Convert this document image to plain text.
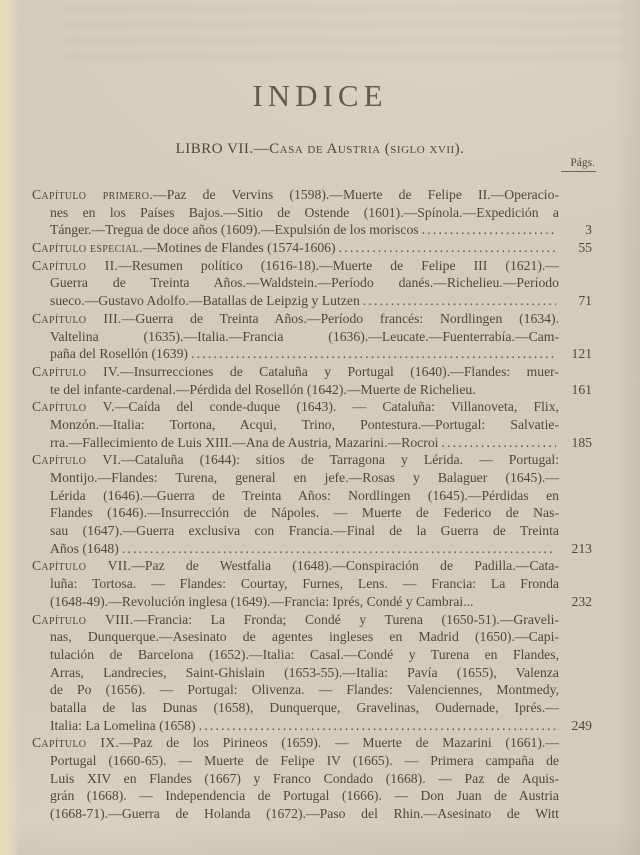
INDICE
LIBRO VII.—Casa de Austria (siglo xvii).
Págs.
Capítulo primero.—Paz de Vervins (1598).—Muerte de Felipe II.—Operacio-
nes en los Países Bajos.—Sitio de Ostende (1601).—Spínola.—Expedición a
Tánger.—Tregua de doce años (1609).—Expulsión de los moriscos .....	3
Capítulo especial.—Motines de Flandes (1574-1606) .....	55
Capítulo II.—Resumen político (1616-18).—Muerte de Felipe III (1621).—
Guerra de Treinta Años.—Waldstein.—Período danés.—Richelieu.—Período
sueco.—Gustavo Adolfo.—Batallas de Leipzig y Lutzen .....	71
Capítulo III.—Guerra de Treinta Años.—Período francés: Nordlingen (1634).
Valtelina (1635).—Italia.—Francia (1636).—Leucate.—Fuenterrabía.—Cam-
paña del Rosellón (1639) .....	121
Capítulo IV.—Insurrecciones de Cataluña y Portugal (1640).—Flandes: muer-
te del infante-cardenal.—Pérdida del Rosellón (1642).—Muerte de Richelieu.	161
Capítulo V.—Caída del conde-duque (1643). — Cataluña: Villanoveta, Flix,
Monzón.—Italia: Tortona, Acqui, Trino, Pontestura.—Portugal: Salvatie-
rra.—Fallecimiento de Luis XIII.—Ana de Austria, Mazarini.—Rocroi .....	185
Capítulo VI.—Cataluña (1644): sitios de Tarragona y Lérida. — Portugal:
Montijo.—Flandes: Turena, general en jefe.—Rosas y Balaguer (1645).—
Lérida (1646).—Guerra de Treinta Años: Nordlingen (1645).—Pérdidas en
Flandes (1646).—Insurrección de Nápoles. — Muerte de Federico de Nas-
sau (1647).—Guerra exclusiva con Francia.—Final de la Guerra de Treinta
Años (1648) .....	213
Capítulo VII.—Paz de Westfalia (1648).—Conspiración de Padilla.—Cata-
luña: Tortosa. — Flandes: Courtay, Furnes, Lens. — Francia: La Fronda
(1648-49).—Revolución inglesa (1649).—Francia: Iprés, Condé y Cambrai...	232
Capítulo VIII.—Francia: La Fronda; Condé y Turena (1650-51).—Graveli-
nas, Dunquerque.—Asesinato de agentes ingleses en Madrid (1650).—Capi-
tulación de Barcelona (1652).—Italia: Casal.—Condé y Turena en Flandes,
Arras, Landrecies, Saint-Ghislain (1653-55).—Italia: Pavía (1655), Valenza
de Po (1656). — Portugal: Olivenza. — Flandes: Valenciennes, Montmedy,
batalla de las Dunas (1658), Dunquerque, Gravelinas, Oudernade, Iprés.—
Italia: La Lomelina (1658) .....	249
Capítulo IX.—Paz de los Pirineos (1659). — Muerte de Mazarini (1661).—
Portugal (1660-65). — Muerte de Felipe IV (1665). — Primera campaña de
Luis XIV en Flandes (1667) y Franco Condado (1668). — Paz de Aquis-
grán (1668). — Independencia de Portugal (1666). — Don Juan de Austria
(1668-71).—Guerra de Holanda (1672).—Paso del Rhin.—Asesinato de Witt
